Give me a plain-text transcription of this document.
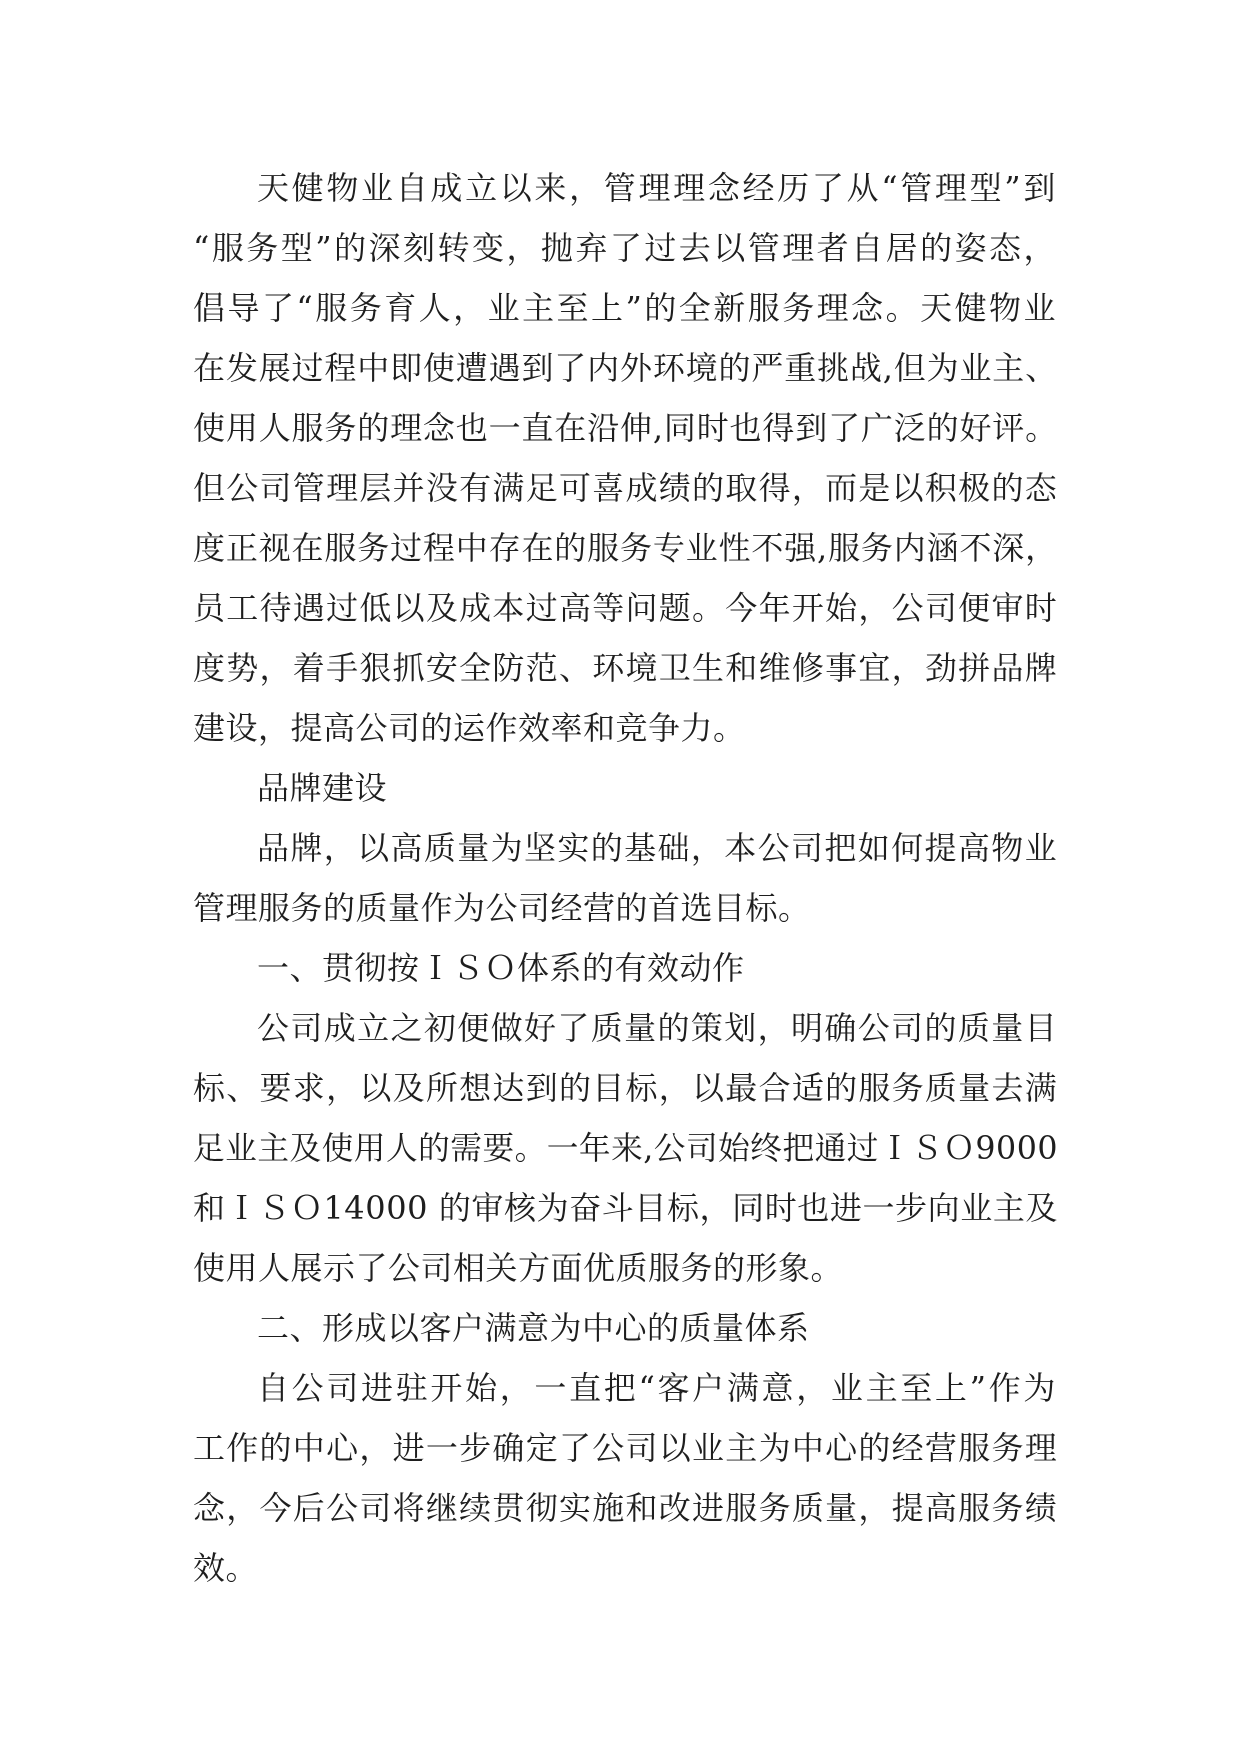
天健物业自成立以来，管理理念经历了从“管理型”到
“服务型”的深刻转变，抛弃了过去以管理者自居的姿态，
倡导了“服务育人，业主至上”的全新服务理念。天健物业
在发展过程中即使遭遇到了内外环境的严重挑战,但为业主、
使用人服务的理念也一直在沿伸,同时也得到了广泛的好评。
但公司管理层并没有满足可喜成绩的取得，而是以积极的态
度正视在服务过程中存在的服务专业性不强,服务内涵不深，
员工待遇过低以及成本过高等问题。今年开始，公司便审时
度势，着手狠抓安全防范、环境卫生和维修事宜，劲拼品牌
建设，提高公司的运作效率和竞争力。
品牌建设
品牌，以高质量为坚实的基础，本公司把如何提高物业
管理服务的质量作为公司经营的首选目标。
一、贯彻按ＩＳＯ体系的有效动作
公司成立之初便做好了质量的策划，明确公司的质量目
标、要求，以及所想达到的目标，以最合适的服务质量去满
足业主及使用人的需要。一年来,公司始终把通过ＩＳＯ9000
和ＩＳＯ14000 的审核为奋斗目标，同时也进一步向业主及
使用人展示了公司相关方面优质服务的形象。
二、形成以客户满意为中心的质量体系
自公司进驻开始，一直把“客户满意，业主至上”作为
工作的中心，进一步确定了公司以业主为中心的经营服务理
念，今后公司将继续贯彻实施和改进服务质量，提高服务绩
效。
